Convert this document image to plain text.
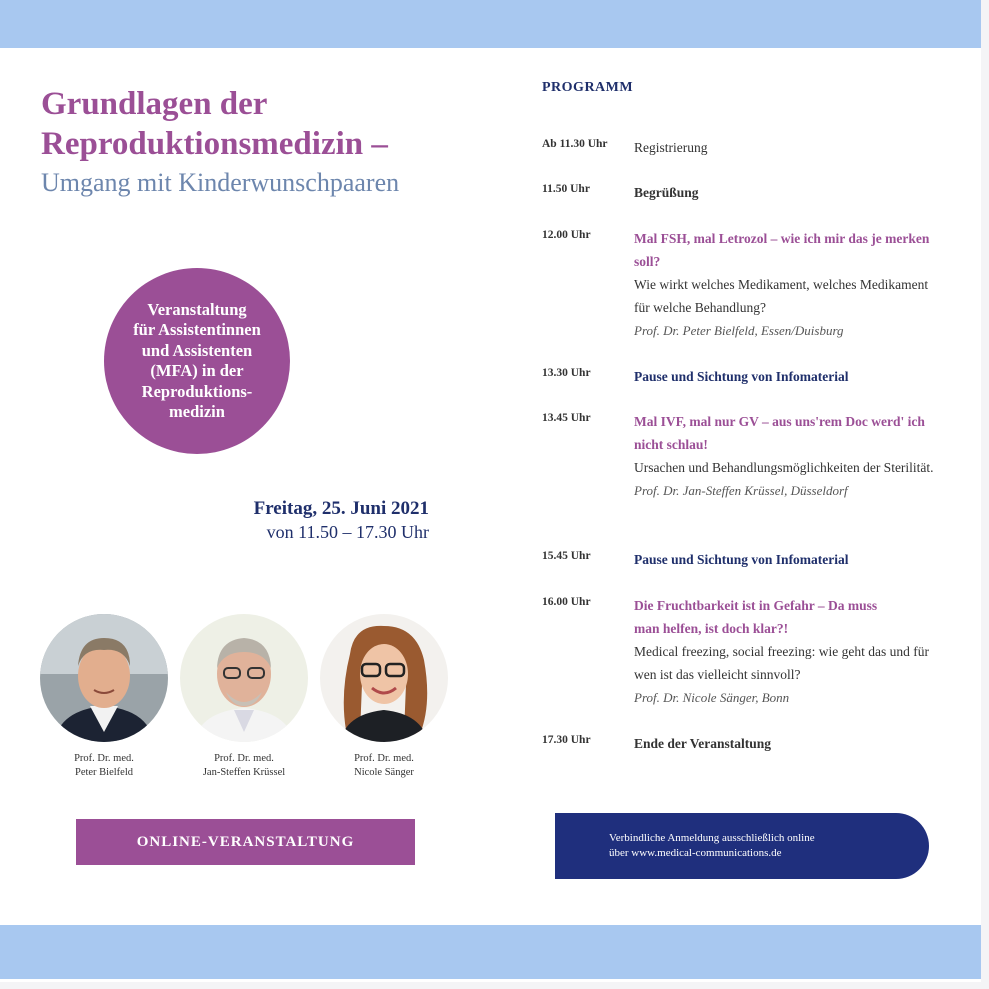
Grundlagen der
Reproduktionsmedizin –
Umgang mit Kinderwunschpaaren
Veranstaltung
für Assistentinnen
und Assistenten
(MFA) in der
Reproduktions-
medizin
Freitag, 25. Juni 2021
von 11.50 – 17.30 Uhr
Prof. Dr. med.
Peter Bielfeld
Prof. Dr. med.
Jan-Steffen Krüssel
Prof. Dr. med.
Nicole Sänger
ONLINE-VERANSTALTUNG
PROGRAMM
Ab 11.30 Uhr Registrierung
11.50 Uhr	Begrüßung
12.00 Uhr	Mal FSH, mal Letrozol – wie ich mir das je merken soll?
Wie wirkt welches Medikament, welches Medikament für welche Behandlung?
Prof. Dr. Peter Bielfeld, Essen/Duisburg
13.30 Uhr	Pause und Sichtung von Infomaterial
13.45 Uhr	Mal IVF, mal nur GV – aus uns'rem Doc werd' ich nicht schlau!
Ursachen und Behandlungsmöglichkeiten der Sterilität.
Prof. Dr. Jan-Steffen Krüssel, Düsseldorf
15.45 Uhr	Pause und Sichtung von Infomaterial
16.00 Uhr	Die Fruchtbarkeit ist in Gefahr – Da muss man helfen, ist doch klar?!
Medical freezing, social freezing: wie geht das und für wen ist das vielleicht sinnvoll?
Prof. Dr. Nicole Sänger, Bonn
17.30 Uhr	Ende der Veranstaltung
Verbindliche Anmeldung ausschließlich online
über www.medical-communications.de
